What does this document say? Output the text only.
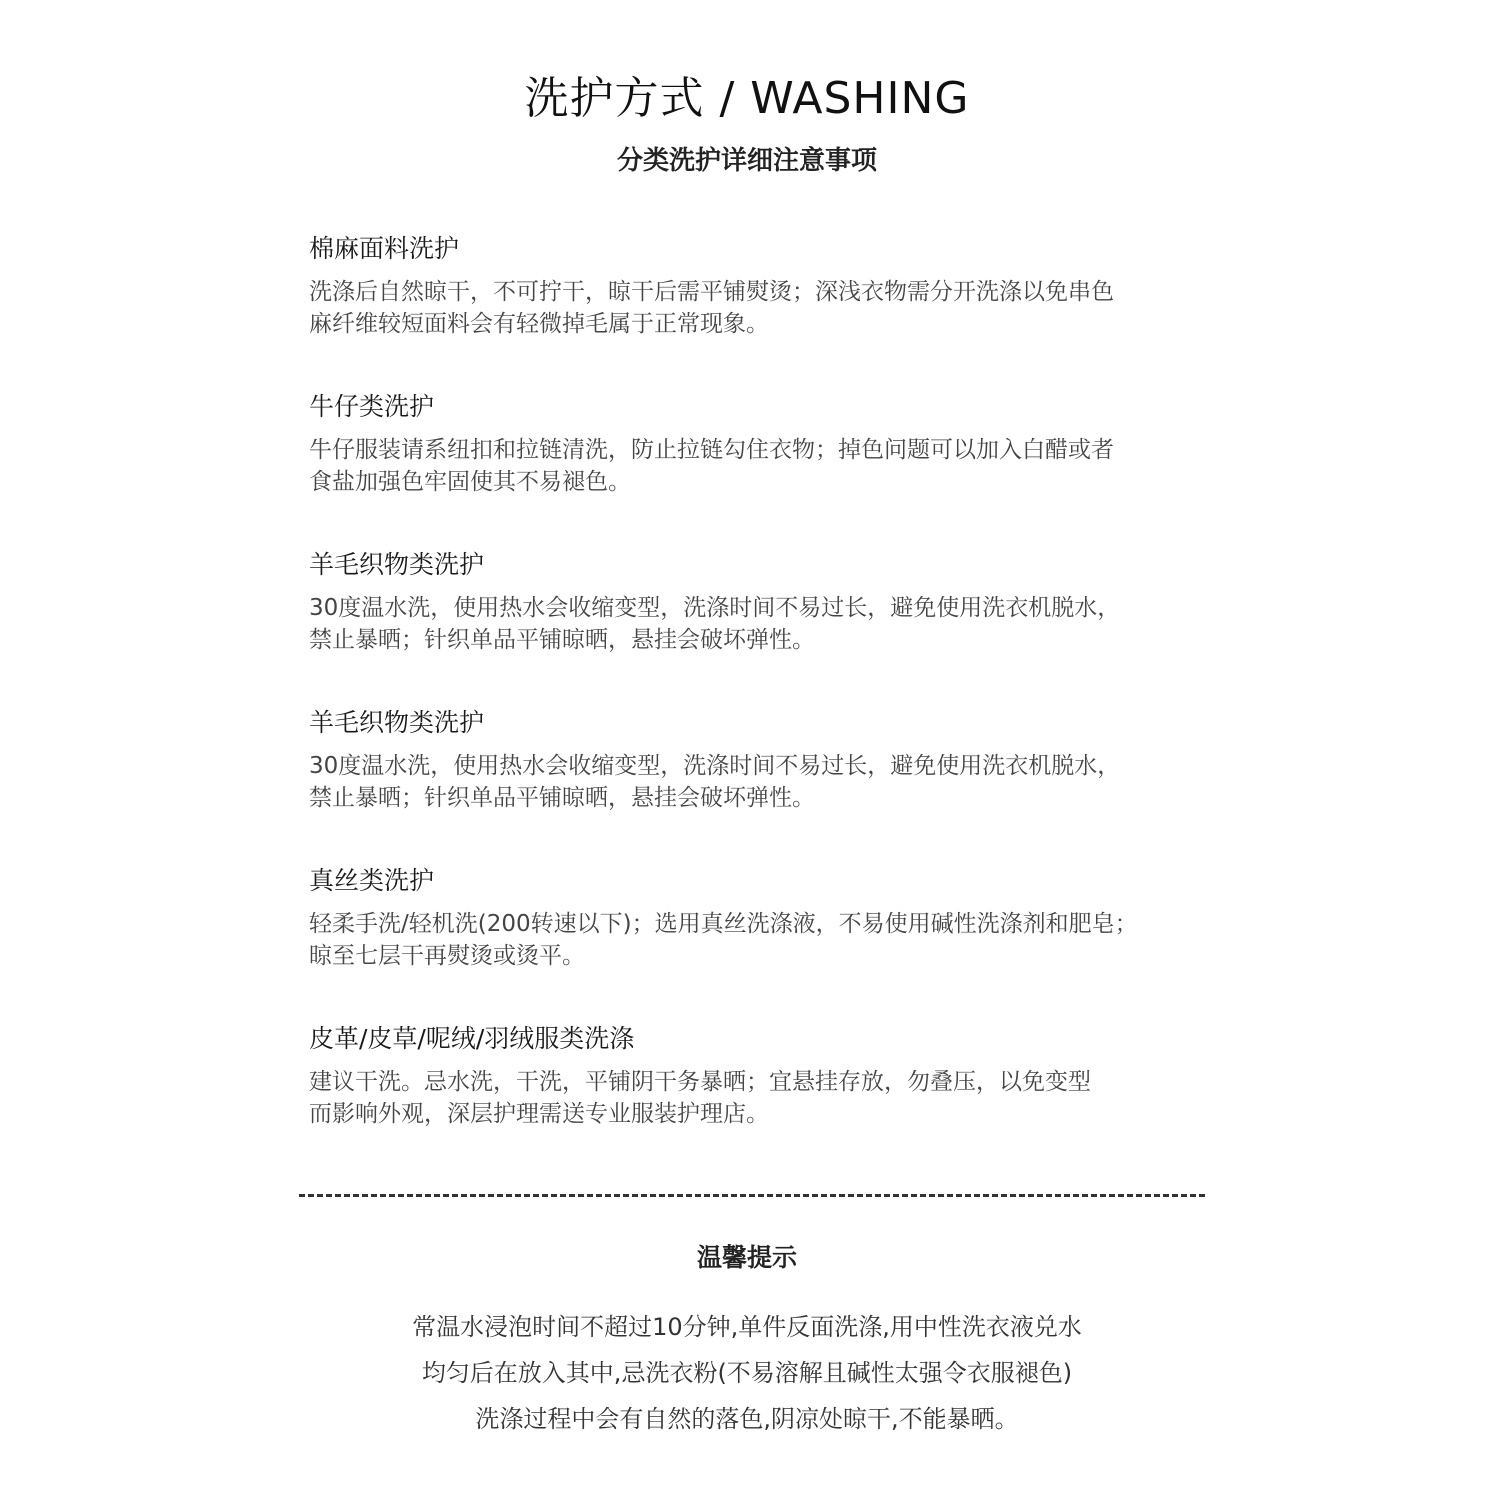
洗护方式 / WASHING
分类洗护详细注意事项
棉麻面料洗护

洗涤后自然晾干，不可拧干，晾干后需平铺熨烫；深浅衣物需分开洗涤以免串色
麻纤维较短面料会有轻微掉毛属于正常现象。

牛仔类洗护

牛仔服装请系纽扣和拉链清洗，防止拉链勾住衣物；掉色问题可以加入白醋或者
食盐加强色牢固使其不易褪色。

羊毛织物类洗护

30度温水洗，使用热水会收缩变型，洗涤时间不易过长，避免使用洗衣机脱水，
禁止暴晒；针织单品平铺晾晒，悬挂会破坏弹性。

羊毛织物类洗护

30度温水洗，使用热水会收缩变型，洗涤时间不易过长，避免使用洗衣机脱水，
禁止暴晒；针织单品平铺晾晒，悬挂会破坏弹性。

真丝类洗护

轻柔手洗/轻机洗(200转速以下)；选用真丝洗涤液，不易使用碱性洗涤剂和肥皂；
晾至七层干再熨烫或烫平。

皮革/皮草/呢绒/羽绒服类洗涤

建议干洗。忌水洗，干洗，平铺阴干务暴晒；宜悬挂存放，勿叠压，以免变型
而影响外观，深层护理需送专业服装护理店。

温馨提示
常温水浸泡时间不超过10分钟,单件反面洗涤,用中性洗衣液兑水
均匀后在放入其中,忌洗衣粉(不易溶解且碱性太强令衣服褪色)
洗涤过程中会有自然的落色,阴凉处晾干,不能暴晒。
